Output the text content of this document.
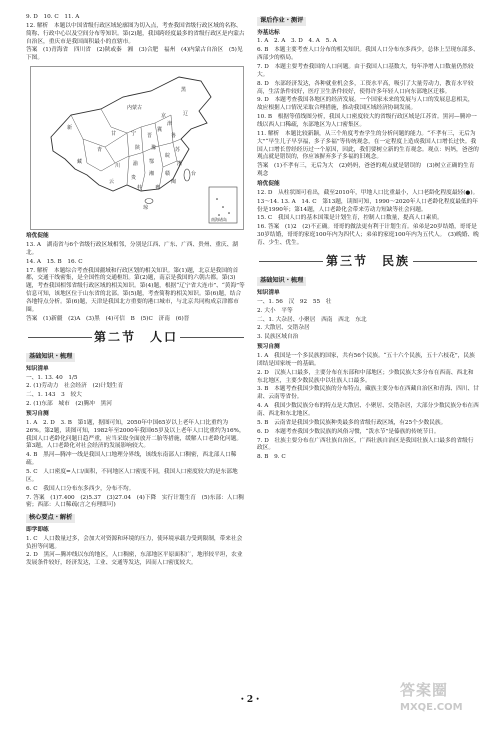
9. D　10. C　11. A

12. 解析　本题以中国省级行政区域轮廓图为切入点，考查我国省级行政区域的名称、简称、行政中心以及空间分布等知识。第(2)题，我国跨经度最多的省级行政区是内蒙古自治区，重庆市是我国面积最小的直辖市。

答案　(1)青海省　四川省　(2)陕或秦　湘　(3)合肥　福州　(4)内蒙古自治区　(5)见下图。

黑
内蒙古
辽
京
津
新	冀
鲁
甘	宁 晋
青	陕 豫	苏
皖
藏
川	渝 鄂	浙
湘 赣
云
贵
桂
闽
粤
台
琼
南海诸岛
培优促能

13. A　湖南省与6个省级行政区域相邻，分别是江西、广东、广西、贵州、重庆、湖北。

14. A　15. B　16. C

17. 解析　本题综合考查我国疆域和行政区划的相关知识。第(1)题，北京是我国的首都，交通干线密集，是全国性的交通枢纽。第(2)题，南京是我国的六朝古都。第(3)题，考查我国相邻省级行政区域的相关知识。第(4)题，根据“辽宁省大连市”、“黄海”等信息可知，该地区位于山东省的北部。第(5)题，考查简称的相关知识。第(6)题，结合各地特点分析。第(6)题，天津是我国北方重要的港口城市，与北京共同构成京津都市圈。

答案　(1)新疆　(2)A　(3)黑　(4)可信　B　(5)C　济南　(6)晋

第二节　人口
基础知识・梳理
知识清单

一、1. 13. 40　1/5

2. (1)劳动力　社会经济　(2)计划生育

二、1. 143　3　较大

2. (1)东部　城市　(2)腾冲　黑河

预习自测

1. A　2. D　3. B　第1题，据图可知，2050年中国65岁以上老年人口比重约为26%。第2题，读图可知，1982年至2000年我国65岁及以上老年人口比重约为16%，我国人口老龄化问题日趋严重，应当采取全面放开二胎等措施，缓解人口老龄化问题。第3题，人口老龄化对社会经济的发展影响较大。

4. B　黑河—腾冲一线是我国人口地理分界线，该线东南部人口稠密，西北部人口稀疏。

5. C　人口密度=人口/面积，不同地区人口密度不同，我国人口密度较大的是东部地区。

6. C　我国人口分布东多西少，分布不均。

7. 答案　(1)7.400　(2)5.37　(3)27.04　(4)下降　实行计划生育　(5)东部：人口稠密；西部：人口稀疏(言之有理即可)

核心要点・解析
即学即练

1. C　人口数量过多，会加大对资源和环境的压力，使环境承载力受到限制，带来社会负担等问题。

2. D　黑河—腾冲线以东的地区，人口稠密，东部地区平原面积广，地形较平坦，农业发展条件较好，经济发达，工业、交通等发达，因而人口密度较大。

课后作业・测评
夯基达标

1. A　2. A　3. D　4. A　5. A

6. B　本题主要考查人口分布的相关知识。我国人口分布东多西少，总体上呈现东部多、西部少的格局。

7. D　本题主要考查我国的人口问题。由于我国人口基数大，每年净增人口数量仍然较大。

8. D　东部经济发达，各种就业机会多，工资水平高，吸引了大量劳动力，教育水平较高，生活条件较好，医疗卫生条件较好，使得许多年轻人口向东部地区迁移。

9. D　本题考查我国各地区的经济发展。一个国家未来的发展与人口的发展息息相关，故应根据人口情况采取合理措施，推动我国区域经济协调发展。

10. B　根据等值线图分析，我国人口密度较大的省级行政区域是江苏省。黑河—腾冲一线以西人口稀疏，东部地区为人口密集区。

11. 解析　本题比较新颖，从三个角度考查学生的分析问题的能力。“不孝有三，无后为大”“早生儿子早享福，多子多福”等传统观念，在一定程度上造成我国人口增长过快。我国人口增长曾经经历过一个原因，因此，我们要树立新的生育观念。观点：妈妈，爸爸的观点就是错误的，你应该摒弃多子多福的旧观念。

答案　(1)不孝有三，无后为大　(2)妈妈，爸爸的观点就是错误的　(3)树立正确的生育观念

培优促能

12. D　从柱状图可看出，截至2010年，甲地人口比重最小，人口老龄化程度最轻(●)。

13～14. 13. A　14. C　第13题，读图可知，1990～2020年人口老龄化程度最低的年份是1990年；第14题，人口老龄化会带来劳动力短缺等社会问题。

15. C　我国人口的基本国策是计划生育，控制人口数量，提高人口素质。

16. 答案　(1)2　(2)不正确。哥哥的做法更有利于计划生育。弟弟是20岁结婚，哥哥是30岁结婚，哥哥的家庭100年内为四代人；弟弟的家庭100年内为五代人。　(3)晚婚、晚育、少生、优生。

第三节　民族
基础知识・梳理
知识清单

一、1. 56　汉　92　55　壮

2. 大小　平等

二、1. 大杂居、小聚居　西南　西北　东北

2. 大散居、交错杂居

3. 民族区域自治

预习自测

1. A　我国是一个多民族的国家，共有56个民族。“五十六个民族，五十六枝花”，民族团结是国家统一的基础。

2. D　汉族人口最多，主要分布在东部和中部地区；少数民族大多分布在西南、西北和东北地区，主要少数民族中以壮族人口最多。

3. B　本题考查我国少数民族的分布特点，藏族主要分布在西藏自治区和青海、四川、甘肃、云南等省份。

4. A　我国少数民族分布的特点是大散居、小聚居、交错杂居，大部分少数民族分布在西南、西北和东北地区。

5. B　云南省是我国少数民族种类最多的省级行政区域，有25个少数民族。

6. D　本题考查我国少数民族的风俗习惯，“泼水节”是傣族的传统节日。

7. D　壮族主要分布在广西壮族自治区，广西壮族自治区是我国壮族人口最多的省级行政区。

8. B　9. C

・2・
答案圈
MXQE.COM
